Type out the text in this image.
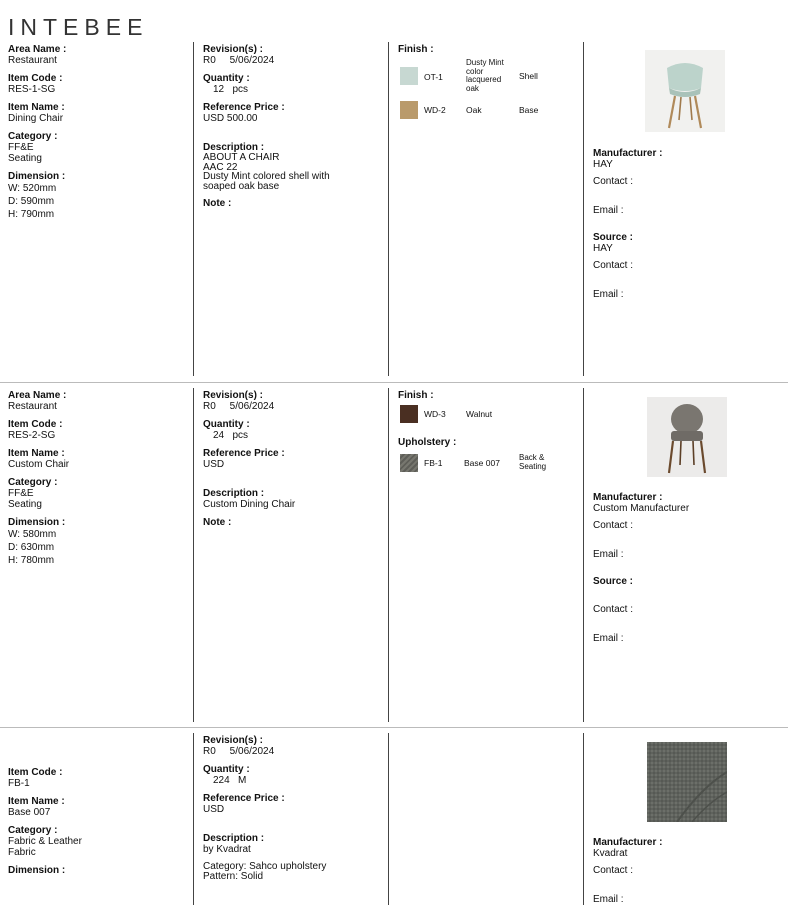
INTEBEE
Area Name :
Restaurant
Item Code :
RES-1-SG
Item Name :
Dining Chair
Category :
FF&E
Seating
Dimension :
W: 520mm
D: 590mm
H: 790mm
Revision(s) :
R0     5/06/2024
Quantity :
12   pcs
Reference Price :
USD 500.00
Description :
ABOUT A CHAIR
AAC 22
Dusty Mint colored shell with
soaped oak base
Note :
Finish :
OT-1
Dusty Mint
color
lacquered
oak
Shell
WD-2 Oak	Base
Manufacturer :
HAY
Contact :
Email :
Source :
HAY
Contact :
Email :
Area Name :
Restaurant
Item Code :
RES-2-SG
Item Name :
Custom Chair
Category :
FF&E
Seating
Dimension :
W: 580mm
D: 630mm
H: 780mm
Revision(s) :
R0     5/06/2024
Quantity :
24   pcs
Reference Price :
USD
Description :
Custom Dining Chair
Note :
Finish :
WD-3 Walnut
Upholstery :
FB-1	Base 007
Back &
Seating
Manufacturer :
Custom Manufacturer
Contact :
Email :
Source :
Contact :
Email :
Item Code :
FB-1
Item Name :
Base 007
Category :
Fabric & Leather
Fabric
Dimension :
Revision(s) :
R0     5/06/2024
Quantity :
224   M
Reference Price :
USD
Description :
by Kvadrat
Category: Sahco upholstery
Pattern: Solid
Manufacturer :
Kvadrat
Contact :
Email :
